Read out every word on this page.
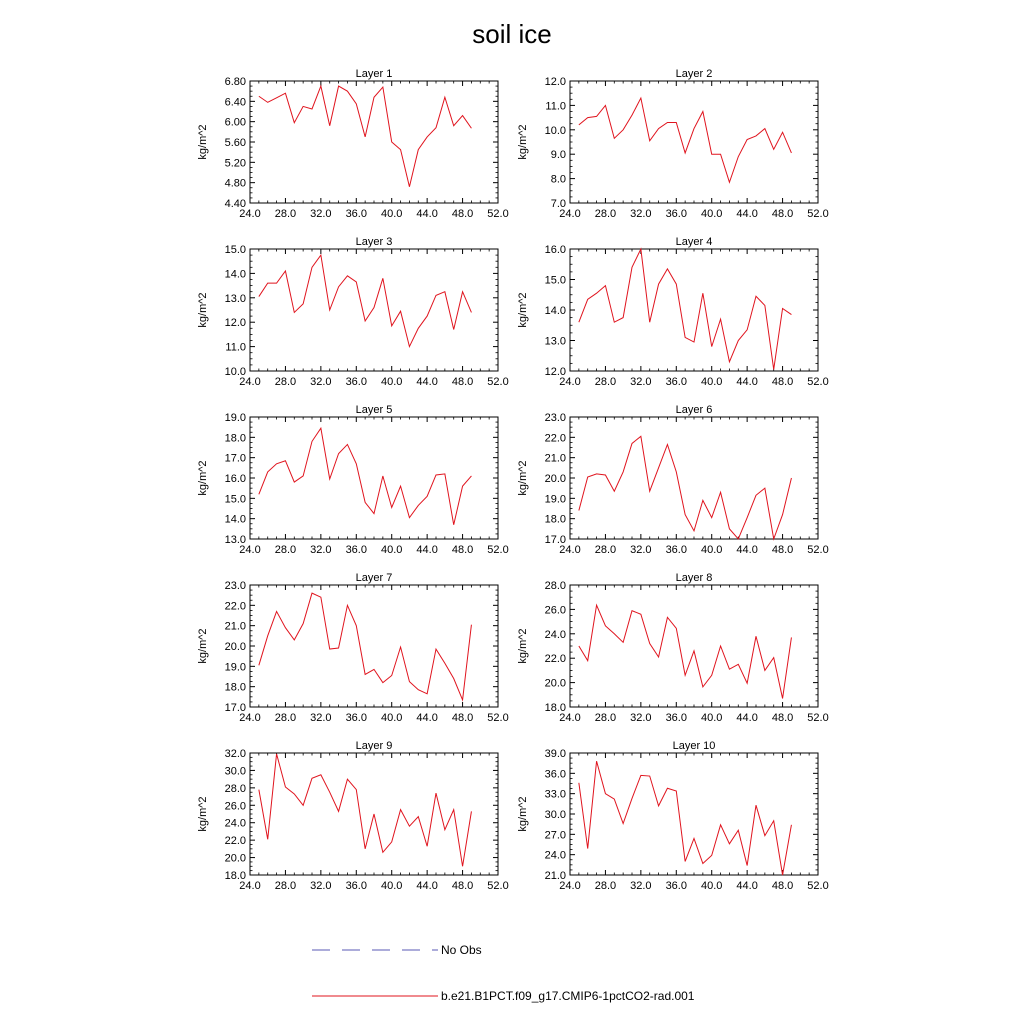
soil ice
Layer 1
24.0 28.0 32.0 36.0 40.0 44.0 48.0 52.0
4.40
4.80
5.20
5.60
6.00
6.40
6.80
kg/m^2
Layer 2
24.0 28.0 32.0 36.0 40.0 44.0 48.0 52.0
7.0
8.0
9.0
10.0
11.0
12.0
kg/m^2
Layer 3
24.0 28.0 32.0 36.0 40.0 44.0 48.0 52.0
10.0
11.0
12.0
13.0
14.0
15.0
kg/m^2
Layer 4
24.0 28.0 32.0 36.0 40.0 44.0 48.0 52.0
12.0
13.0
14.0
15.0
16.0
kg/m^2
Layer 5
24.0 28.0 32.0 36.0 40.0 44.0 48.0 52.0
13.0
14.0
15.0
16.0
17.0
18.0
19.0
kg/m^2
Layer 6
24.0 28.0 32.0 36.0 40.0 44.0 48.0 52.0
17.0
18.0
19.0
20.0
21.0
22.0
23.0
kg/m^2
Layer 7
24.0 28.0 32.0 36.0 40.0 44.0 48.0 52.0
17.0
18.0
19.0
20.0
21.0
22.0
23.0
kg/m^2
Layer 8
24.0 28.0 32.0 36.0 40.0 44.0 48.0 52.0
18.0
20.0
22.0
24.0
26.0
28.0
kg/m^2
Layer 9
24.0 28.0 32.0 36.0 40.0 44.0 48.0 52.0
18.0
20.0
22.0
24.0
26.0
28.0
30.0
32.0
kg/m^2
Layer 10
24.0 28.0 32.0 36.0 40.0 44.0 48.0 52.0
21.0
24.0
27.0
30.0
33.0
36.0
39.0
kg/m^2
No Obs
b.e21.B1PCT.f09_g17.CMIP6-1pctCO2-rad.001
